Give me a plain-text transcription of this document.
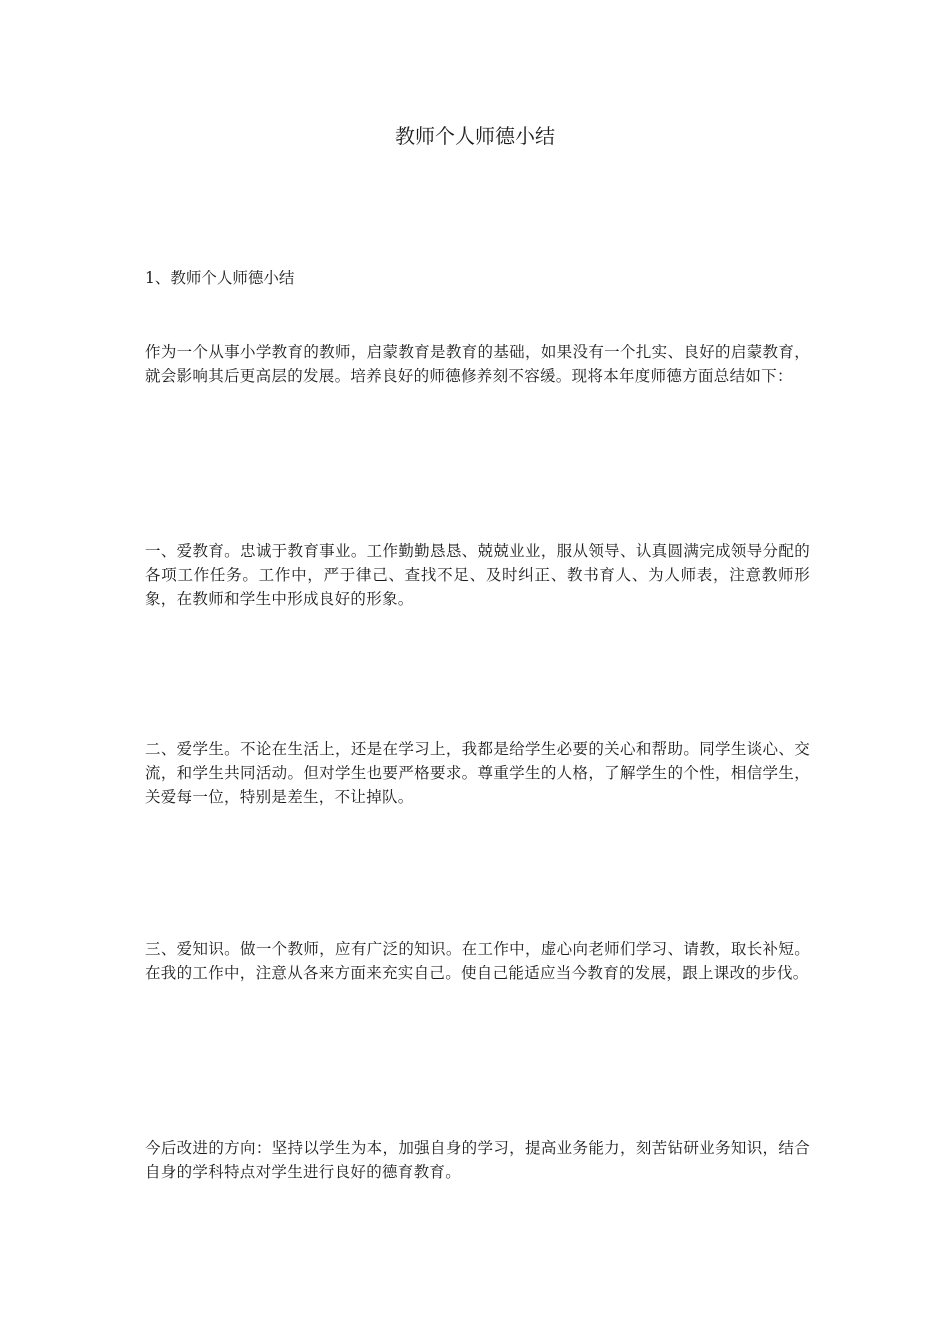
教师个人师德小结

1、教师个人师德小结

作为一个从事小学教育的教师，启蒙教育是教育的基础，如果没有一个扎实、良好的启蒙教育，就会影响其后更高层的发展。培养良好的师德修养刻不容缓。现将本年度师德方面总结如下：

一、爱教育。忠诚于教育事业。工作勤勤恳恳、兢兢业业，服从领导、认真圆满完成领导分配的各项工作任务。工作中，严于律己、查找不足、及时纠正、教书育人、为人师表，注意教师形象，在教师和学生中形成良好的形象。

二、爱学生。不论在生活上，还是在学习上，我都是给学生必要的关心和帮助。同学生谈心、交流，和学生共同活动。但对学生也要严格要求。尊重学生的人格，了解学生的个性，相信学生，关爱每一位，特别是差生，不让掉队。

三、爱知识。做一个教师，应有广泛的知识。在工作中，虚心向老师们学习、请教，取长补短。在我的工作中，注意从各来方面来充实自己。使自己能适应当今教育的发展，跟上课改的步伐。

今后改进的方向：坚持以学生为本，加强自身的学习，提高业务能力，刻苦钻研业务知识，结合自身的学科特点对学生进行良好的德育教育。
